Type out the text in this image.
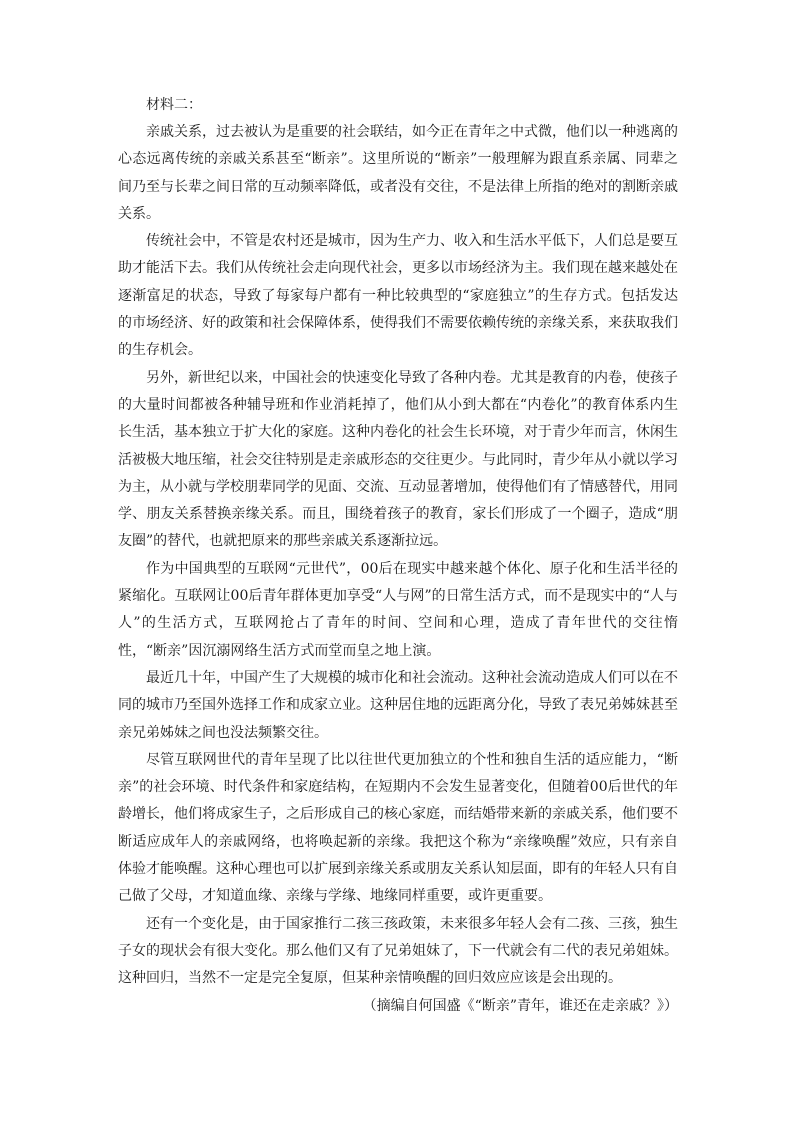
材料二：

亲戚关系，过去被认为是重要的社会联结，如今正在青年之中式微，他们以一种逃离的心态远离传统的亲戚关系甚至“断亲”。这里所说的“断亲”一般理解为跟直系亲属、同辈之间乃至与长辈之间日常的互动频率降低，或者没有交往，不是法律上所指的绝对的割断亲戚关系。

传统社会中，不管是农村还是城市，因为生产力、收入和生活水平低下，人们总是要互助才能活下去。我们从传统社会走向现代社会，更多以市场经济为主。我们现在越来越处在逐渐富足的状态，导致了每家每户都有一种比较典型的“家庭独立”的生存方式。包括发达的市场经济、好的政策和社会保障体系，使得我们不需要依赖传统的亲缘关系，来获取我们的生存机会。

另外，新世纪以来，中国社会的快速变化导致了各种内卷。尤其是教育的内卷，使孩子的大量时间都被各种辅导班和作业消耗掉了，他们从小到大都在“内卷化”的教育体系内生长生活，基本独立于扩大化的家庭。这种内卷化的社会生长环境，对于青少年而言，休闲生活被极大地压缩，社会交往特别是走亲戚形态的交往更少。与此同时，青少年从小就以学习为主，从小就与学校朋辈同学的见面、交流、互动显著增加，使得他们有了情感替代，用同学、朋友关系替换亲缘关系。而且，围绕着孩子的教育，家长们形成了一个圈子，造成“朋友圈”的替代，也就把原来的那些亲戚关系逐渐拉远。

作为中国典型的互联网“元世代”，00后在现实中越来越个体化、原子化和生活半径的紧缩化。互联网让00后青年群体更加享受“人与网”的日常生活方式，而不是现实中的“人与人”的生活方式，互联网抢占了青年的时间、空间和心理，造成了青年世代的交往惰性，“断亲”因沉溺网络生活方式而堂而皇之地上演。

最近几十年，中国产生了大规模的城市化和社会流动。这种社会流动造成人们可以在不同的城市乃至国外选择工作和成家立业。这种居住地的远距离分化，导致了表兄弟姊妹甚至亲兄弟姊妹之间也没法频繁交往。

尽管互联网世代的青年呈现了比以往世代更加独立的个性和独自生活的适应能力，“断亲”的社会环境、时代条件和家庭结构，在短期内不会发生显著变化，但随着00后世代的年龄增长，他们将成家生子，之后形成自己的核心家庭，而结婚带来新的亲戚关系，他们要不断适应成年人的亲戚网络，也将唤起新的亲缘。我把这个称为“亲缘唤醒”效应，只有亲自体验才能唤醒。这种心理也可以扩展到亲缘关系或朋友关系认知层面，即有的年轻人只有自己做了父母，才知道血缘、亲缘与学缘、地缘同样重要，或许更重要。

还有一个变化是，由于国家推行二孩三孩政策，未来很多年轻人会有二孩、三孩，独生子女的现状会有很大变化。那么他们又有了兄弟姐妹了，下一代就会有二代的表兄弟姐妹。这种回归，当然不一定是完全复原，但某种亲情唤醒的回归效应应该是会出现的。

（摘编自何国盛《“断亲”青年，谁还在走亲戚？》）
